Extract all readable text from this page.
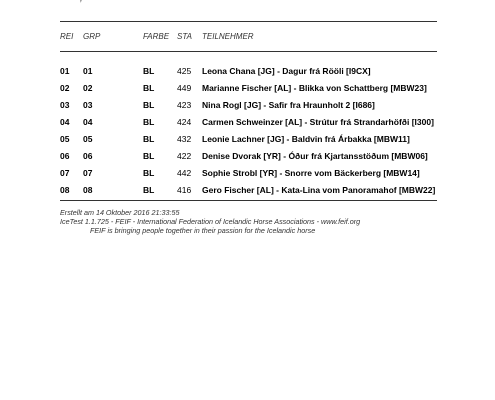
REI GRP	FARBE STA TEILNEHMER
01 01	BL	425 Leona Chana [JG] - Dagur frá Rööli [I9CX]
02 02	BL	449 Marianne Fischer [AL] - Blikka von Schattberg [MBW23]
03 03	BL	423 Nina Rogl [JG] - Safir fra Hraunholt 2 [I686]
04 04	BL	424 Carmen Schweinzer [AL] - Strútur frá Strandarhöfði [I300]
05 05	BL	432 Leonie Lachner [JG] - Baldvin frá Árbakka [MBW11]
06 06	BL	422 Denise Dvorak [YR] - Óður frá Kjartansstöðum [MBW06]
07 07	BL	442 Sophie Strobl [YR] - Snorre vom Bäckerberg [MBW14]
08 08	BL	416 Gero Fischer [AL] - Kata-Lina vom Panoramahof [MBW22]
Erstellt am 14 Oktober 2016 21:33:55
IceTest 1.1.725 - FEIF - International Federation of Icelandic Horse Associations - www.feif.org
FEIF is bringing people together in their passion for the Icelandic horse
